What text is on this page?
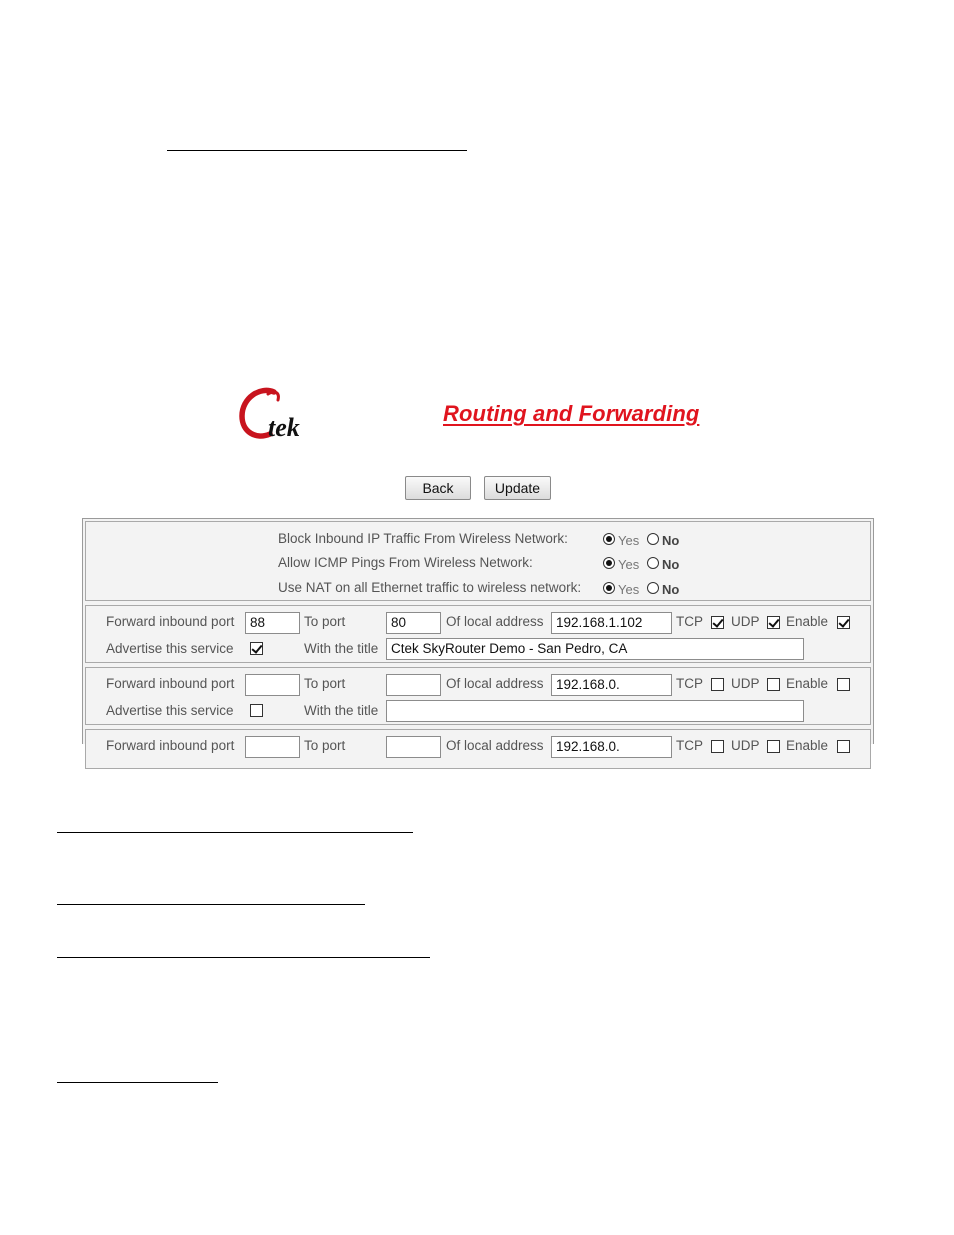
tek	Routing and Forwarding
Back	Update
Block Inbound IP Traffic From Wireless Network:	Yes No
Allow ICMP Pings From Wireless Network:	Yes No
Use NAT on all Ethernet traffic to wireless network:	Yes No
Forward inbound port	88	To port	80	Of local address 192.168.1.102	TCP UDP Enable
Advertise this service	With the title Ctek SkyRouter Demo - San Pedro, CA
Forward inbound port	To port	Of local address 192.168.0.	TCP UDP Enable
Advertise this service	With the title
Forward inbound port	To port	Of local address 192.168.0.	TCP UDP Enable
